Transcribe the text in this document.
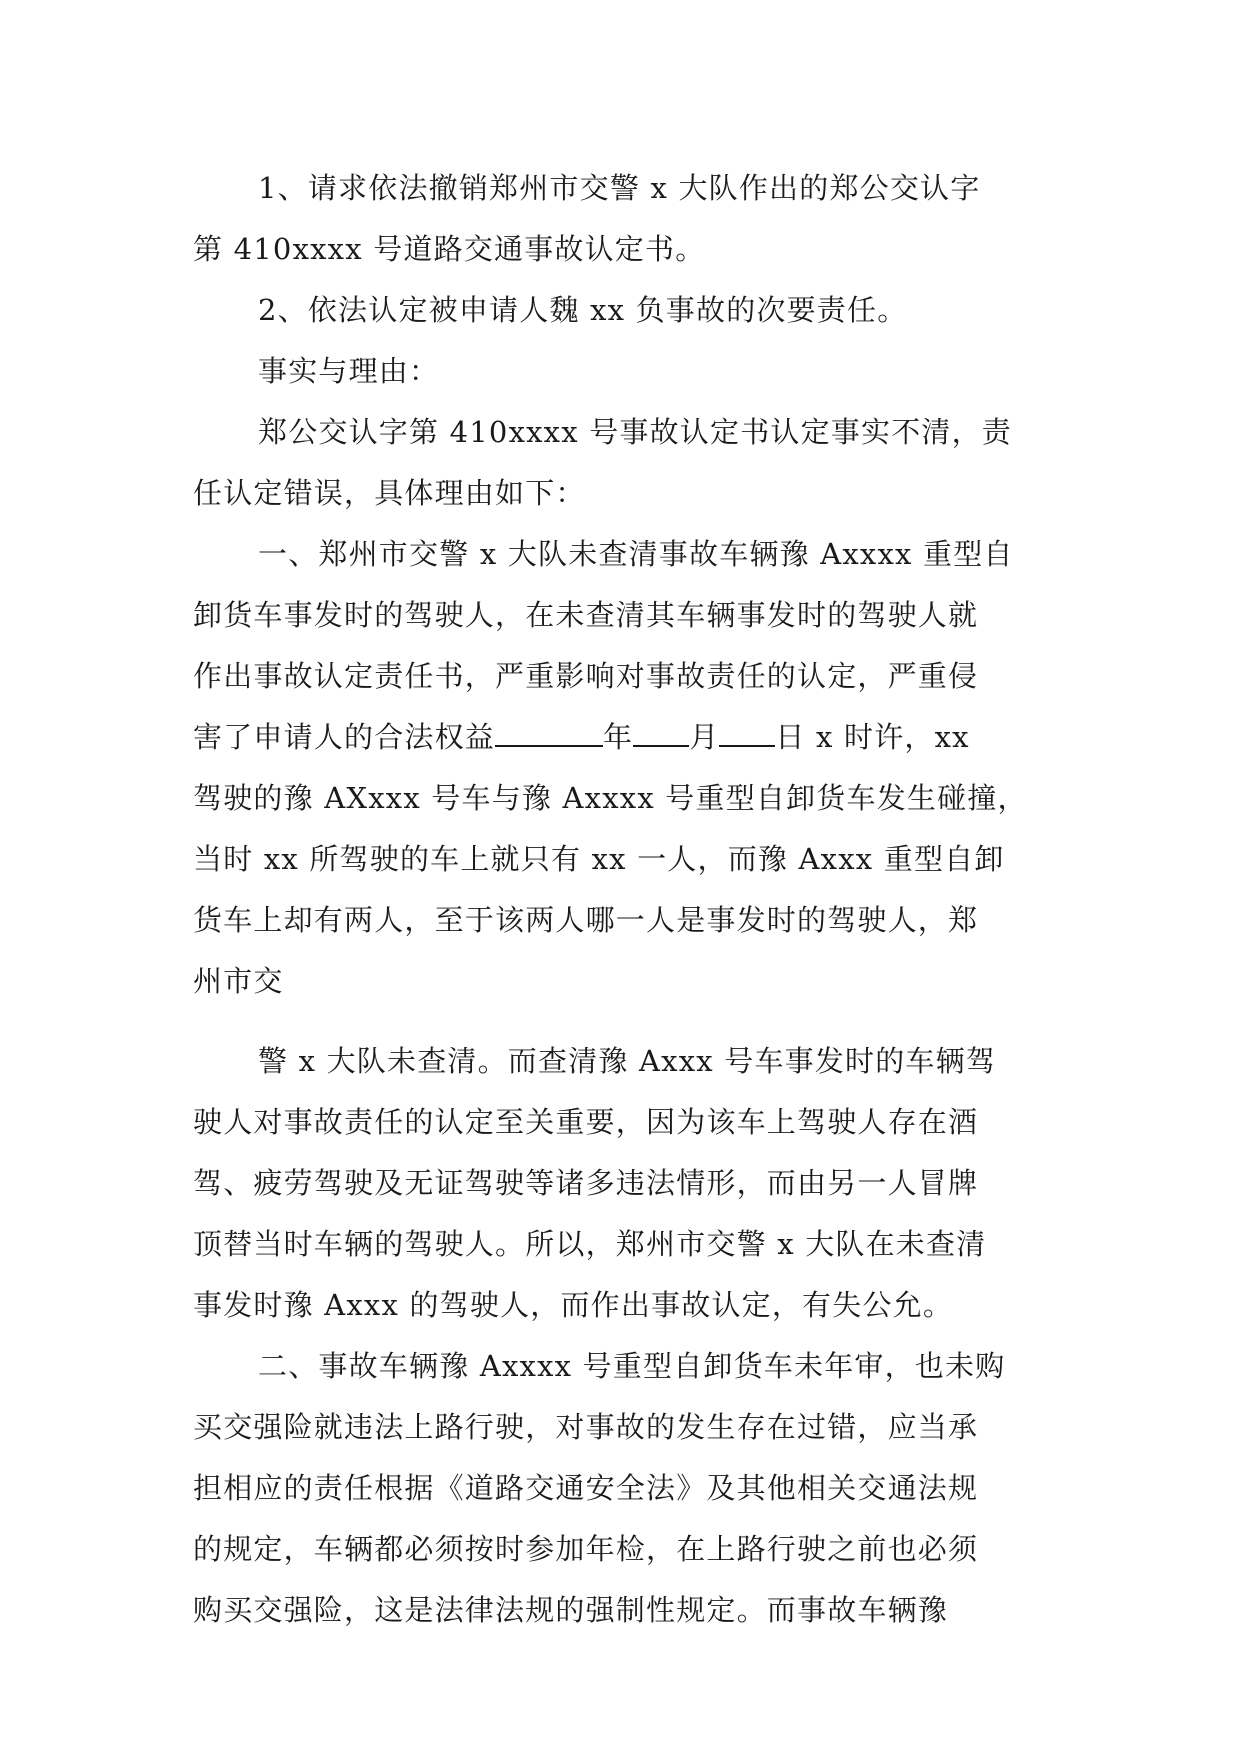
1、请求依法撤销郑州市交警 x 大队作出的郑公交认字
第 410xxxx 号道路交通事故认定书。
2、依法认定被申请人魏 xx 负事故的次要责任。
事实与理由：
郑公交认字第 410xxxx 号事故认定书认定事实不清，责
任认定错误，具体理由如下：
一、郑州市交警 x 大队未查清事故车辆豫 Axxxx 重型自
卸货车事发时的驾驶人，在未查清其车辆事发时的驾驶人就
作出事故认定责任书，严重影响对事故责任的认定，严重侵
害了申请人的合法权益	年 月 日 x 时许，xx
驾驶的豫 AXxxx 号车与豫 Axxxx 号重型自卸货车发生碰撞，
当时 xx 所驾驶的车上就只有 xx 一人，而豫 Axxx 重型自卸
货车上却有两人，至于该两人哪一人是事发时的驾驶人，郑
州市交
警 x 大队未查清。而查清豫 Axxx 号车事发时的车辆驾
驶人对事故责任的认定至关重要，因为该车上驾驶人存在酒
驾、疲劳驾驶及无证驾驶等诸多违法情形，而由另一人冒牌
顶替当时车辆的驾驶人。所以，郑州市交警 x 大队在未查清
事发时豫 Axxx 的驾驶人，而作出事故认定，有失公允。
二、事故车辆豫 Axxxx 号重型自卸货车未年审，也未购
买交强险就违法上路行驶，对事故的发生存在过错，应当承
担相应的责任根据《道路交通安全法》及其他相关交通法规
的规定，车辆都必须按时参加年检，在上路行驶之前也必须
购买交强险，这是法律法规的强制性规定。而事故车辆豫
